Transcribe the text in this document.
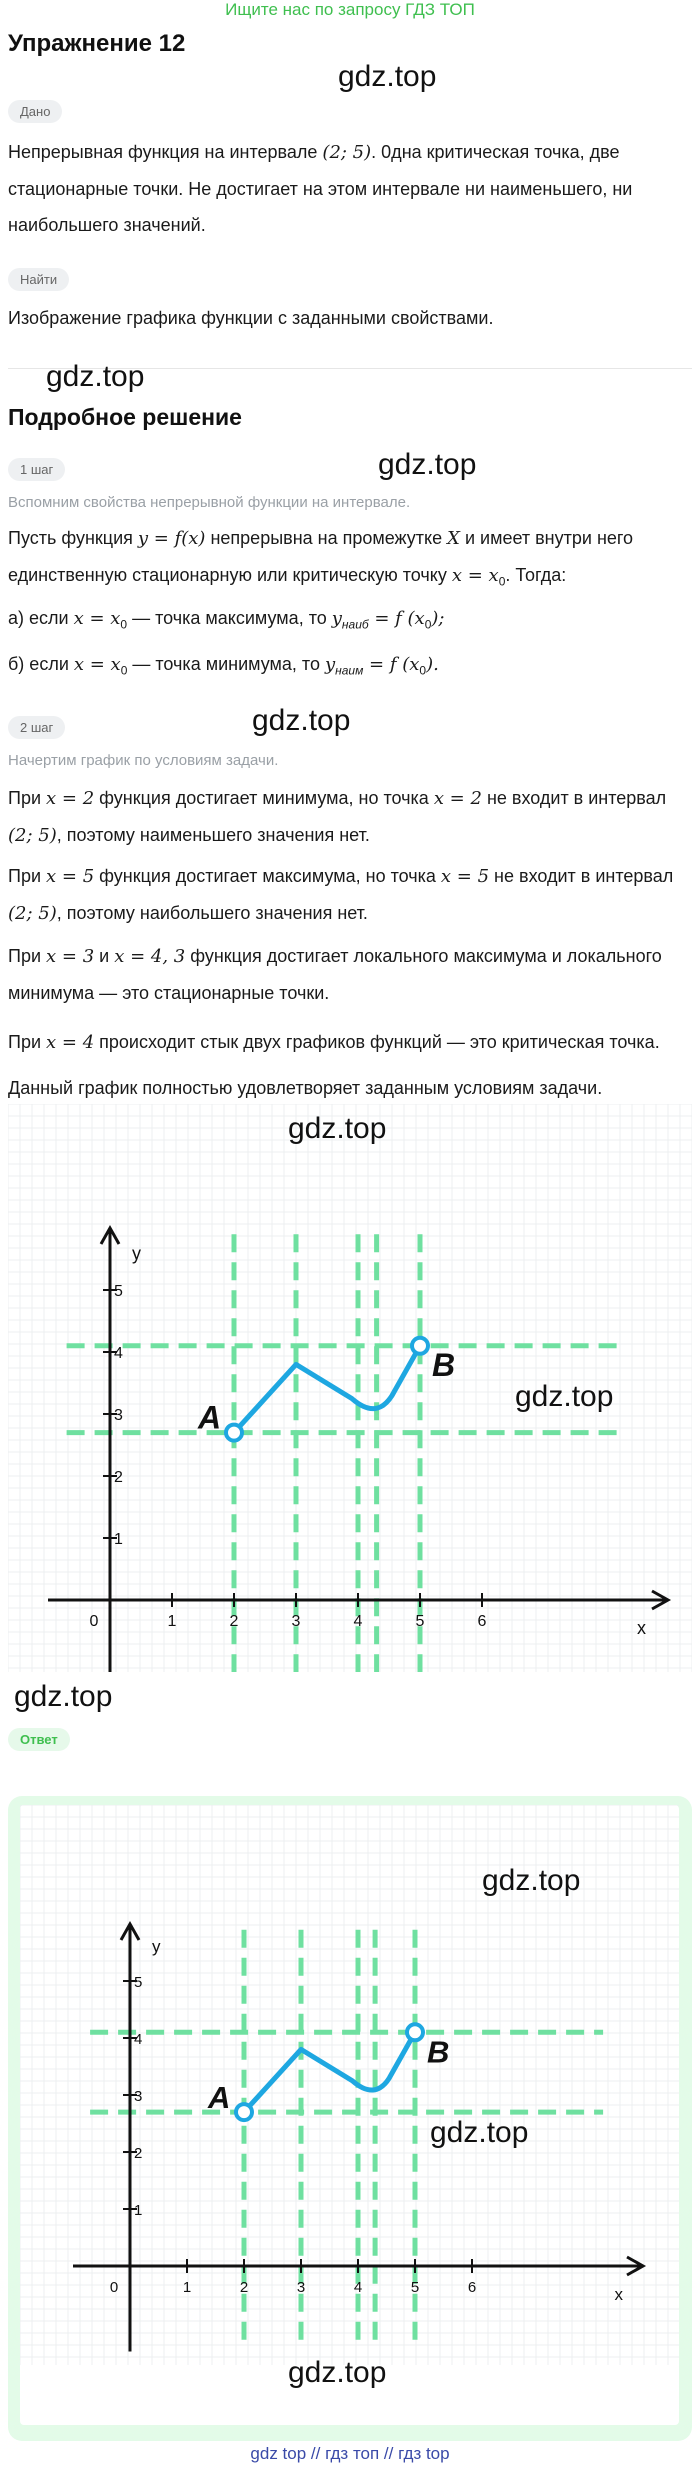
Ищите нас по запросу ГДЗ ТОП
Упражнение 12
gdz.top
Дано
Непрерывная функция на интервале (2; 5). 0дна критическая точка, две стационарные точки. Не достигает на этом интервале ни наименьшего, ни наибольшего значений.
Найти
Изображение графика функции с заданными свойствами.
gdz.top
Подробное решение
gdz.top
1 шаг
Вспомним свойства непрерывной функции на интервале.
Пусть функция y = f(x) непрерывна на промежутке X и имеет внутри него единственную стационарную или критическую точку $x = x_0$. Тогда:
а) если $x = x_0$ — точка максимума, то $y_{наиб} = f$ $(x_0)$;
б) если $x = x_0$ — точка минимума, то $y_{наим} = f$ $(x_0)$.
gdz.top
2 шаг
Начертим график по условиям задачи.
При x = 2 функция достигает минимума, но точка x = 2 не входит в интервал (2; 5), поэтому наименьшего значения нет.
При x = 5 функция достигает максимума, но точка x = 5 не входит в интервал (2; 5), поэтому наибольшего значения нет.
При x = 3 и x = 4, 3 функция достигает локального максимума и локального минимума — это стационарные точки.
При x = 4 происходит стык двух графиков функций — это критическая точка.
Данный график полностью удовлетворяет заданным условиям задачи.
0	1	2	3	4	5	6
1
2
3
4
5
x
y
A
B
gdz.top
gdz.top
gdz.top
Ответ
0	1	2	3	4	5	6
1
2
3
4
5
x
y
A
B
gdz.top
gdz.top
gdz.top
gdz top // гдз топ // гдз top
